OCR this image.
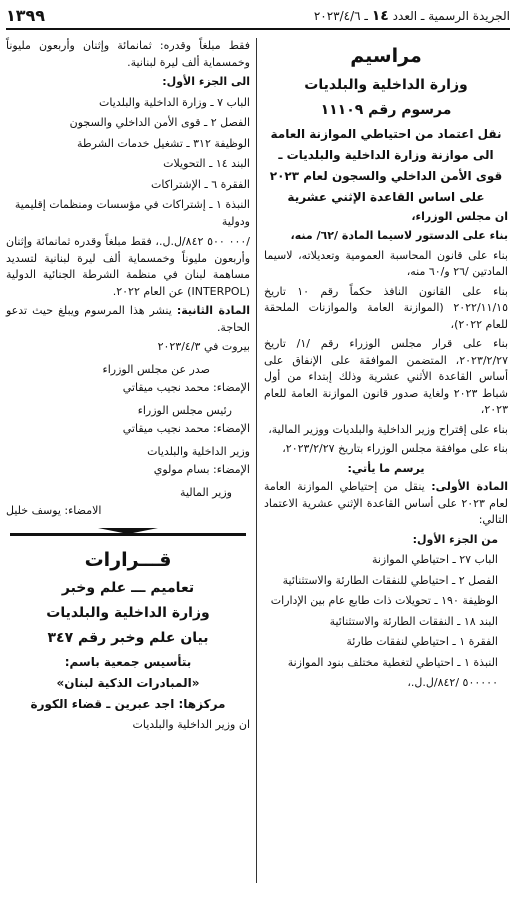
الجريدة الرسمية ـ العدد ١٤ ـ ٢٠٢٣/٤/٦
١٣٩٩
مراسيم
وزارة الداخلية والبلديات
مرسوم رقم ١١١٠٩
نقل اعتماد من احتياطي الموازنة العامة
الى موازنة وزارة الداخلية والبلديات ـ
قوى الأمن الداخلي والسجون لعام ٢٠٢٣
على اساس القاعدة الإثني عشرية

ان مجلس الوزراء،

بناء على الدستور لاسيما المادة /٦٢/ منه،

بناء على قانون المحاسبة العمومية وتعديلاته، لاسيما المادتين /٢٦ و/٦٠ منه،

بناء على القانون النافذ حكماً رقم ١٠ تاريخ ٢٠٢٢/١١/١٥ (الموازنة العامة والموازنات الملحقة للعام ٢٠٢٢)،

بناء على قرار مجلس الوزراء رقم /١/ تاريخ ٢٠٢٣/٢/٢٧، المتضمن الموافقة على الإنفاق على أساس القاعدة الأثني عشرية وذلك إبتداء من أول شباط ٢٠٢٣ ولغاية صدور قانون الموازنة العامة للعام ٢٠٢٣،

بناء على إقتراح وزير الداخلية والبلديات ووزير المالية،

بناء على موافقة مجلس الوزراء بتاريخ ٢٠٢٣/٢/٢٧،

يرسم ما يأتي:

المادة الأولى: ينقل من إحتياطي الموازنة العامة لعام ٢٠٢٣ على أساس القاعدة الإثني عشرية الاعتماد التالي:

من الجزء الأول:
الباب ٢٧ ـ احتياطي الموازنة
الفصل ٢ ـ احتياطي للنفقات الطارئة والاستثنائية
الوظيفة ١٩٠ ـ تحويلات ذات طابع عام بين الإدارات
البند ١٨ ـ النفقات الطارئة والاستثنائية
الفقرة ١ ـ احتياطي لنفقات طارئة
النبذة ١ ـ احتياطي لتغطية مختلف بنود الموازنة
٥٠٠٠٠٠ /٨٤٢/ل.ل.،

فقط مبلغاً وقدره: ثمانمائة وإثنان وأربعون مليوناً وخمسماية ألف ليرة لبنانية.

الى الجزء الأول:
الباب ٧ ـ وزارة الداخلية والبلديات
الفصل ٢ ـ قوى الأمن الداخلي والسجون
الوظيفة ٣١٢ ـ تشغيل خدمات الشرطة
البند ١٤ ـ التحويلات
الفقرة ٦ ـ الإشتراكات
النبذة ١ ـ إشتراكات في مؤسسات ومنظمات إقليمية ودولية

/٠٠٠ ٥٠٠ ٨٤٢/ل.ل.، فقط مبلغاً وقدره ثمانمائة وإثنان وأربعون مليوناً وخمسماية ألف ليرة لبنانية لتسديد مساهمة لبنان في منظمة الشرطة الجنائية الدولية (INTERPOL) عن العام ٢٠٢٢.

المادة الثانية: ينشر هذا المرسوم ويبلغ حيث تدعو الحاجة.

بيروت في ٢٠٢٣/٤/٣
صدر عن مجلس الوزراء
الإمضاء: محمد نجيب ميقاتي
رئيس مجلس الوزراء
الإمضاء: محمد نجيب ميقاتي
وزير الداخلية والبلديات
الإمضاء: بسام مولوي
وزير المالية
الامضاء: يوسف خليل
قـــرارات
تعاميم ـــ علم وخبر
وزارة الداخلية والبلديات
بيان علم وخبر رقم ٣٤٧
بتأسيس جمعية باسم:
«المبادرات الذكية لبنان»
مركزها: اجد عبرين ـ قضاء الكورة
ان وزير الداخلية والبلديات
